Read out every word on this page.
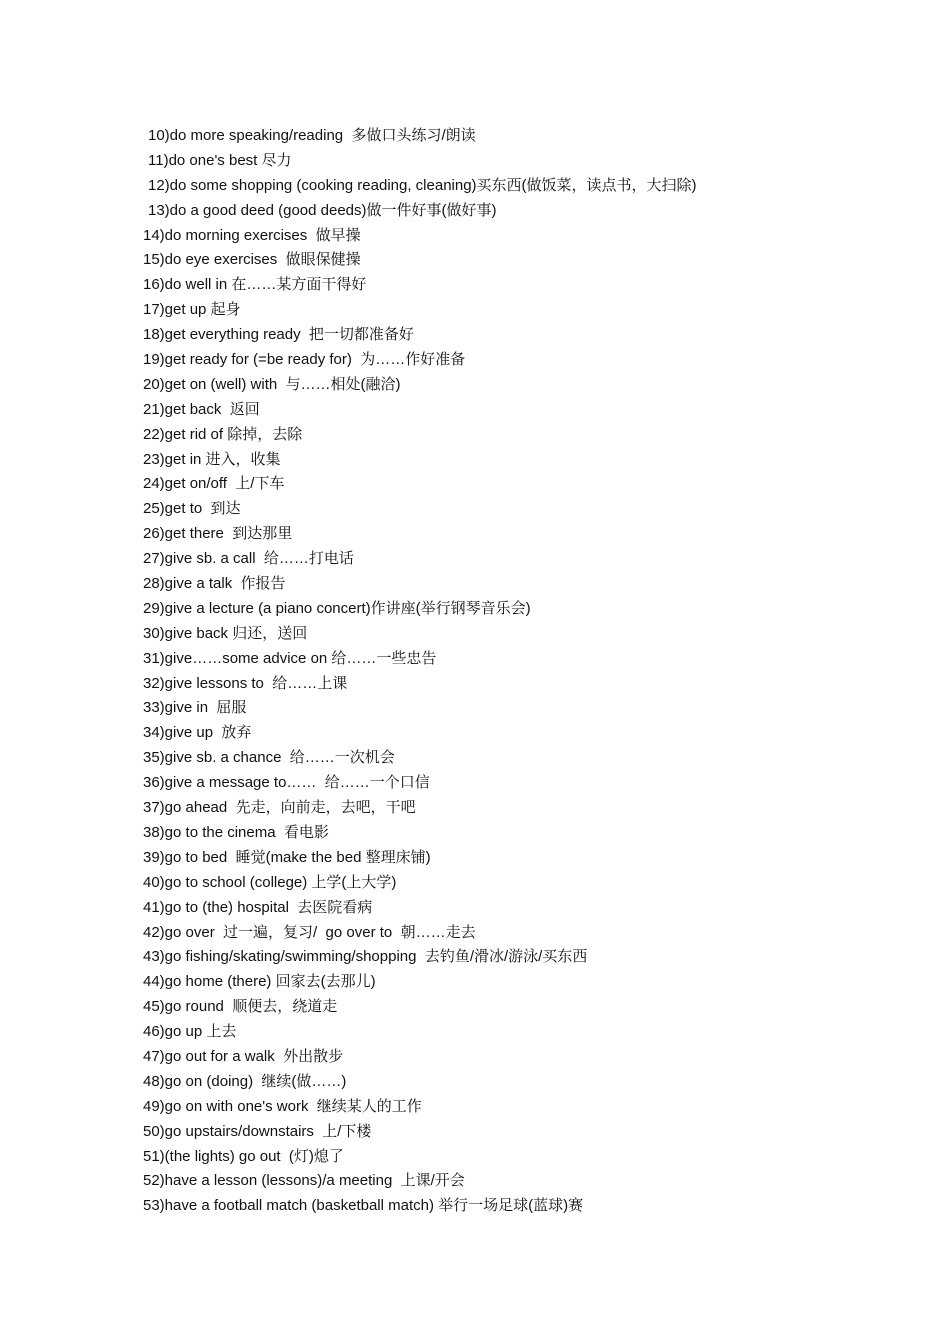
10)do more speaking/reading  多做口头练习/朗读
11)do one's best 尽力
12)do some shopping (cooking reading, cleaning)买东西(做饭菜，读点书，大扫除)
13)do a good deed (good deeds)做一件好事(做好事)
14)do morning exercises  做早操
15)do eye exercises  做眼保健操
16)do well in 在……某方面干得好
17)get up 起身
18)get everything ready  把一切都准备好
19)get ready for (=be ready for)  为……作好准备
20)get on (well) with  与……相处(融洽)
21)get back  返回
22)get rid of 除掉，去除
23)get in 进入，收集
24)get on/off  上/下车
25)get to  到达
26)get there  到达那里
27)give sb. a call  给……打电话
28)give a talk  作报告
29)give a lecture (a piano concert)作讲座(举行钢琴音乐会)
30)give back 归还，送回
31)give……some advice on 给……一些忠告
32)give lessons to  给……上课
33)give in  屈服
34)give up  放弃
35)give sb. a chance  给……一次机会
36)give a message to……  给……一个口信
37)go ahead  先走，向前走，去吧，干吧
38)go to the cinema  看电影
39)go to bed  睡觉(make the bed 整理床铺)
40)go to school (college) 上学(上大学)
41)go to (the) hospital  去医院看病
42)go over  过一遍，复习/  go over to  朝……走去
43)go fishing/skating/swimming/shopping  去钓鱼/滑冰/游泳/买东西
44)go home (there) 回家去(去那儿)
45)go round  顺便去，绕道走
46)go up 上去
47)go out for a walk  外出散步
48)go on (doing)  继续(做……)
49)go on with one's work  继续某人的工作
50)go upstairs/downstairs  上/下楼
51)(the lights) go out  (灯)熄了
52)have a lesson (lessons)/a meeting  上课/开会
53)have a football match (basketball match) 举行一场足球(蓝球)赛
